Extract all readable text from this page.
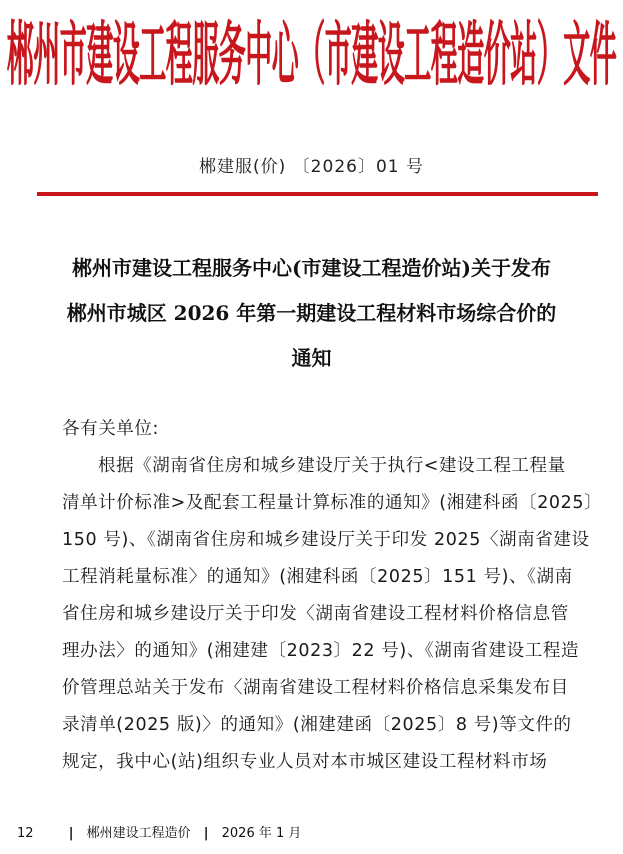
郴州市建设工程服务中心（市建设工程造价站）文件
郴建服(价) 〔2026〕01 号
郴州市建设工程服务中心(市建设工程造价站)关于发布
郴州市城区 2026 年第一期建设工程材料市场综合价的
通知
各有关单位:
根据《湖南省住房和城乡建设厅关于执行<建设工程工程量
清单计价标准>及配套工程量计算标准的通知》(湘建科函〔2025〕
150 号)、《湖南省住房和城乡建设厅关于印发 2025〈湖南省建设
工程消耗量标准〉的通知》(湘建科函〔2025〕151 号)、《湖南
省住房和城乡建设厅关于印发〈湖南省建设工程材料价格信息管
理办法〉的通知》(湘建建〔2023〕22 号)、《湖南省建设工程造
价管理总站关于发布〈湖南省建设工程材料价格信息采集发布目
录清单(2025 版)〉的通知》(湘建建函〔2025〕8 号)等文件的
规定，我中心(站)组织专业人员对本市城区建设工程材料市场
12	| 郴州建设工程造价 | 2026 年 1 月
